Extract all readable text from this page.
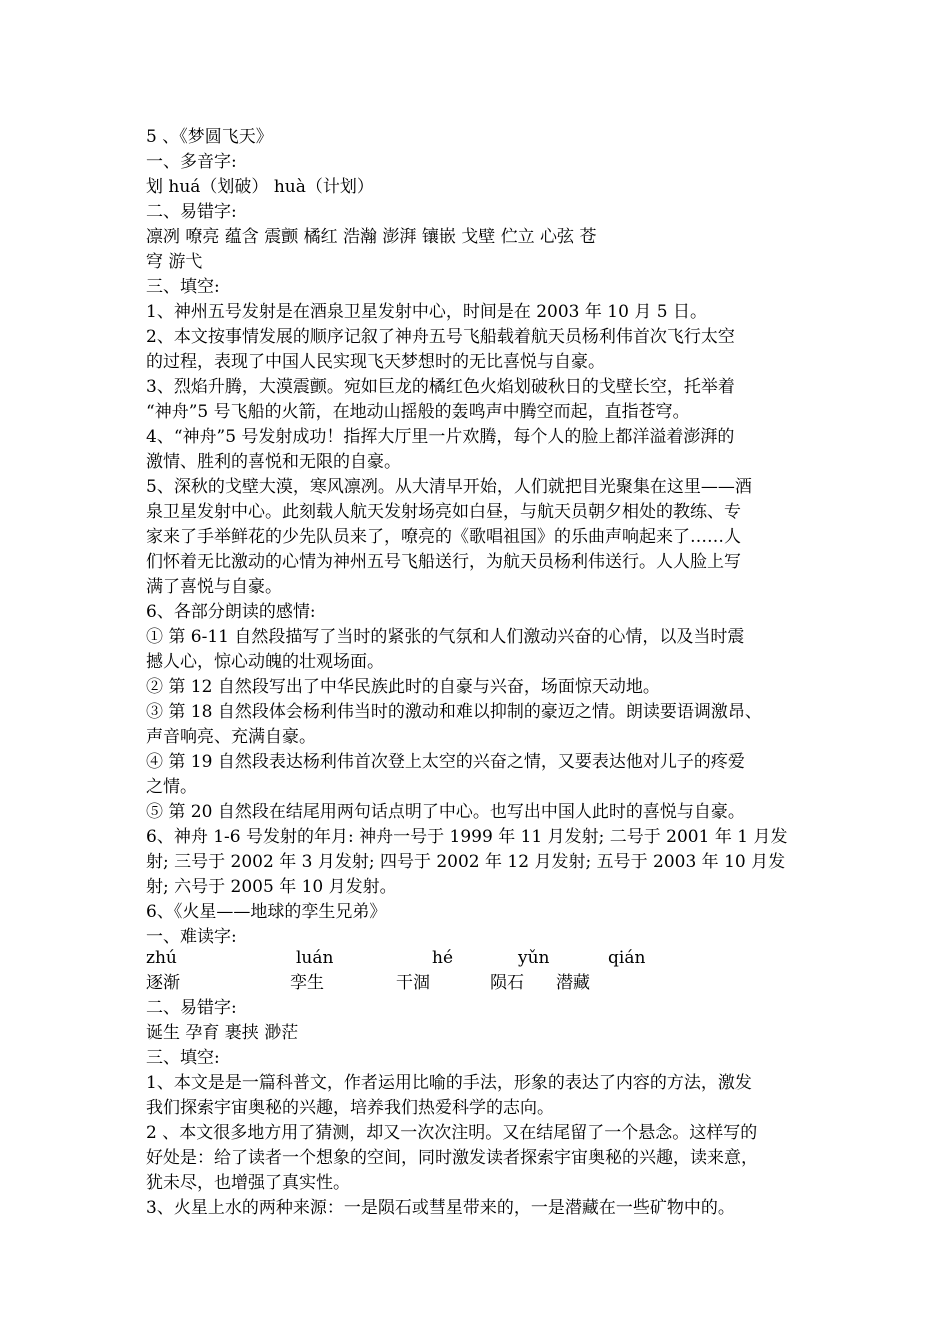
5 、《梦圆飞天》
一、多音字:
划 huá（划破） huà（计划）
二、易错字:
凛冽 嘹亮 蕴含 震颤 橘红 浩瀚 澎湃 镶嵌 戈壁 伫立 心弦 苍
穹 游弋
三、填空:
1、神州五号发射是在酒泉卫星发射中心，时间是在 2003 年 10 月 5 日。
2、本文按事情发展的顺序记叙了神舟五号飞船载着航天员杨利伟首次飞行太空
的过程，表现了中国人民实现飞天梦想时的无比喜悦与自豪。
3、烈焰升腾，大漠震颤。宛如巨龙的橘红色火焰划破秋日的戈壁长空，托举着
“神舟”5 号飞船的火箭，在地动山摇般的轰鸣声中腾空而起，直指苍穹。
4、“神舟”5 号发射成功！指挥大厅里一片欢腾，每个人的脸上都洋溢着澎湃的
激情、胜利的喜悦和无限的自豪。
5、深秋的戈壁大漠，寒风凛冽。从大清早开始，人们就把目光聚集在这里——酒
泉卫星发射中心。此刻载人航天发射场亮如白昼，与航天员朝夕相处的教练、专
家来了手举鲜花的少先队员来了，嘹亮的《歌唱祖国》的乐曲声响起来了……人
们怀着无比激动的心情为神州五号飞船送行，为航天员杨利伟送行。人人脸上写
满了喜悦与自豪。
6、各部分朗读的感情:
① 第 6-11 自然段描写了当时的紧张的气氛和人们激动兴奋的心情，以及当时震
撼人心，惊心动魄的壮观场面。
② 第 12 自然段写出了中华民族此时的自豪与兴奋，场面惊天动地。
③ 第 18 自然段体会杨利伟当时的激动和难以抑制的豪迈之情。朗读要语调激昂、
声音响亮、充满自豪。
④ 第 19 自然段表达杨利伟首次登上太空的兴奋之情，又要表达他对儿子的疼爱
之情。
⑤ 第 20 自然段在结尾用两句话点明了中心。也写出中国人此时的喜悦与自豪。
6、神舟 1-6 号发射的年月: 神舟一号于 1999 年 11 月发射; 二号于 2001 年 1 月发
射; 三号于 2002 年 3 月发射; 四号于 2002 年 12 月发射; 五号于 2003 年 10 月发
射; 六号于 2005 年 10 月发射。
6、《火星——地球的孪生兄弟》
一、难读字:
zhú	luán	hé	yǔn	qián
逐渐	孪生	干涸	陨石 潜藏
二、易错字:
诞生 孕育 裹挟 渺茫
三、填空:
1、本文是是一篇科普文，作者运用比喻的手法，形象的表达了内容的方法，激发
我们探索宇宙奥秘的兴趣，培养我们热爱科学的志向。
2 、本文很多地方用了猜测，却又一次次注明。又在结尾留了一个悬念。这样写的
好处是：给了读者一个想象的空间，同时激发读者探索宇宙奥秘的兴趣，读来意，
犹未尽，也增强了真实性。
3、火星上水的两种来源：一是陨石或彗星带来的，一是潜藏在一些矿物中的。
